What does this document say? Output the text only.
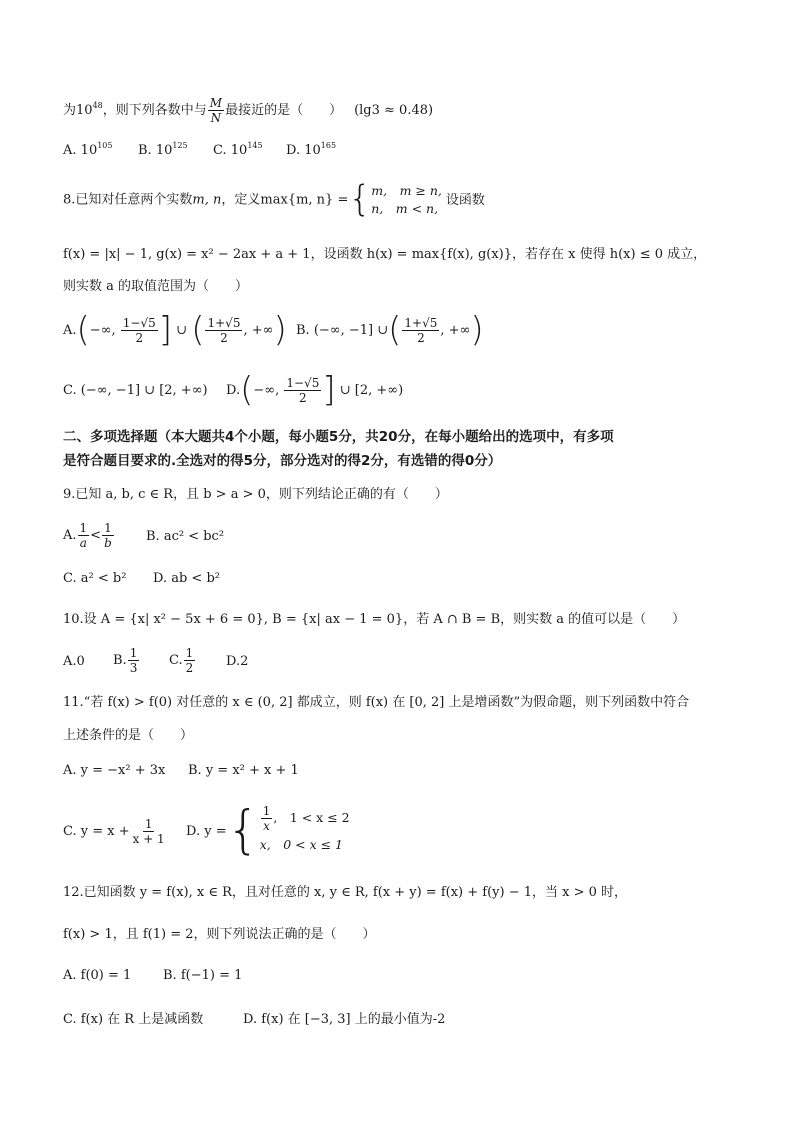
为$10^{48}$，则下列各数中与 $\frac{M}{N}$ 最接近的是（　　） (lg3 ≈ 0.48)
A. $10^{105}$ B. $10^{125}$ C. $10^{145}$ D. $10^{165}$
8.已知对任意两个实数m, n，定义max{m, n} ={ m,　m ≥ n,
n,　m < n,
设函数
f(x) = |x| − 1, g(x) = x² − 2ax + a + 1，设函数 h(x) = max{f(x), g(x)}，若存在 x 使得 h(x) ≤ 0 成立，
则实数 a 的取值范围为（　　）
A.(−∞, $\frac{1-√5}{2}$ ] ∪ ( $\frac{1+√5}{2}$ , +∞) B. (−∞, −1] ∪( $\frac{1+√5}{2}$ , +∞)
C. (−∞, −1] ∪ [2, +∞) D.(−∞, $\frac{1-√5}{2}$ ] ∪ [2, +∞)
二、多项选择题（本大题共4个小题，每小题5分，共20分，在每小题给出的选项中，有多项
是符合题目要求的.全选对的得5分，部分选对的得2分，有选错的得0分）
9.已知 a, b, c ∈ R，且 b > a > 0，则下列结论正确的有（　　）
A. $\frac{1}{a} < \frac{1}{b} B$. ac² < bc²
C. a² < b² D. ab < b²
10.设 A = {x| x² − 5x + 6 = 0}, B = {x| ax − 1 = 0}，若 A ∩ B = B，则实数 a 的值可以是（　　）
A.0 B. $\frac{1}{3} C$. $\frac{1}{2} D.2$
11.“若 f(x) > f(0) 对任意的 x ∈ (0, 2] 都成立，则 f(x) 在 [0, 2] 上是增函数”为假命题，则下列函数中符合
上述条件的是（　　）
A. y = −x² + 3x B. y = x² + x + 1
C. $y = x + \frac{1}{x + 1} D$. y ={ $\frac{1}{x}$ ,　1 < x ≤ 2
x,　0 < x ≤ 1
12.已知函数 y = f(x), x ∈ R，且对任意的 x, y ∈ R, f(x + y) = f(x) + f(y) − 1，当 x > 0 时，
f(x) > 1，且 f(1) = 2，则下列说法正确的是（　　）
A. f(0) = 1 B. f(−1) = 1
C. f(x) 在 R 上是减函数	D. f(x) 在 [−3, 3] 上的最小值为-2
